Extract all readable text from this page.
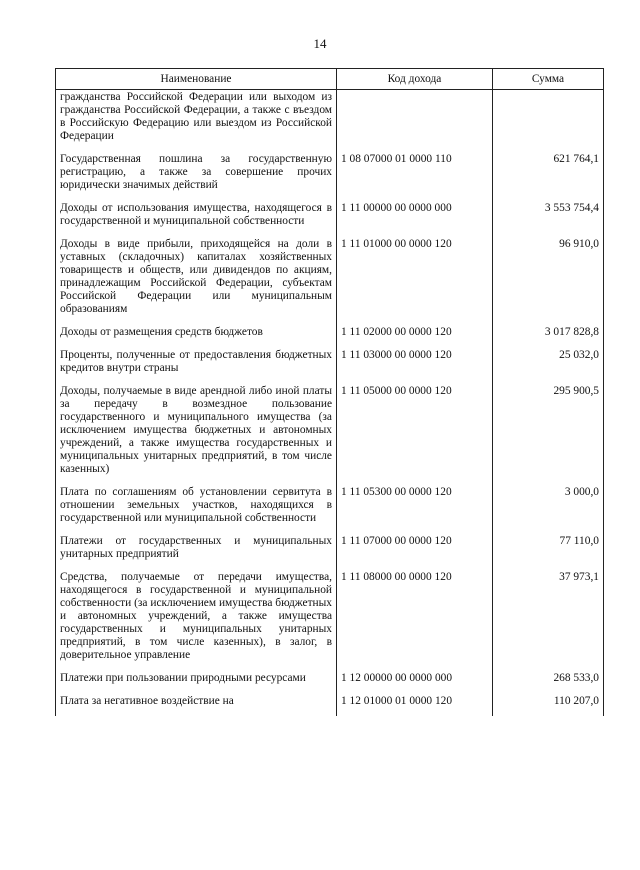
14
Наименование	Код дохода	Сумма
гражданства Российской Федерации или выходом из гражданства Российской Федерации, а также с въездом в Российскую Федерацию или выездом из Российской Федерации		
Государственная пошлина за государственную регистрацию, а также за совершение прочих юридически значимых действий	1 08 07000 01 0000 110	621 764,1
Доходы от использования имущества, находящегося в государственной и муниципальной собственности	1 11 00000 00 0000 000	3 553 754,4
Доходы в виде прибыли, приходящейся на доли в уставных (складочных) капиталах хозяйственных товариществ и обществ, или дивидендов по акциям, принадлежащим Российской Федерации, субъектам Российской Федерации или муниципальным образованиям	1 11 01000 00 0000 120	96 910,0
Доходы от размещения средств бюджетов	1 11 02000 00 0000 120	3 017 828,8
Проценты, полученные от предоставления бюджетных кредитов внутри страны	1 11 03000 00 0000 120	25 032,0
Доходы, получаемые в виде арендной либо иной платы за передачу в возмездное пользование государственного и муниципального имущества (за исключением имущества бюджетных и автономных учреждений, а также имущества государственных и муниципальных унитарных предприятий, в том числе казенных)	1 11 05000 00 0000 120	295 900,5
Плата по соглашениям об установлении сервитута в отношении земельных участков, находящихся в государственной или муниципальной собственности	1 11 05300 00 0000 120	3 000,0
Платежи от государственных и муниципальных унитарных предприятий	1 11 07000 00 0000 120	77 110,0
Средства, получаемые от передачи имущества, находящегося в государственной и муниципальной собственности (за исключением имущества бюджетных и автономных учреждений, а также имущества государственных и муниципальных унитарных предприятий, в том числе казенных), в залог, в доверительное управление	1 11 08000 00 0000 120	37 973,1
Платежи при пользовании природными ресурсами	1 12 00000 00 0000 000	268 533,0
Плата за негативное воздействие на	1 12 01000 01 0000 120	110 207,0
